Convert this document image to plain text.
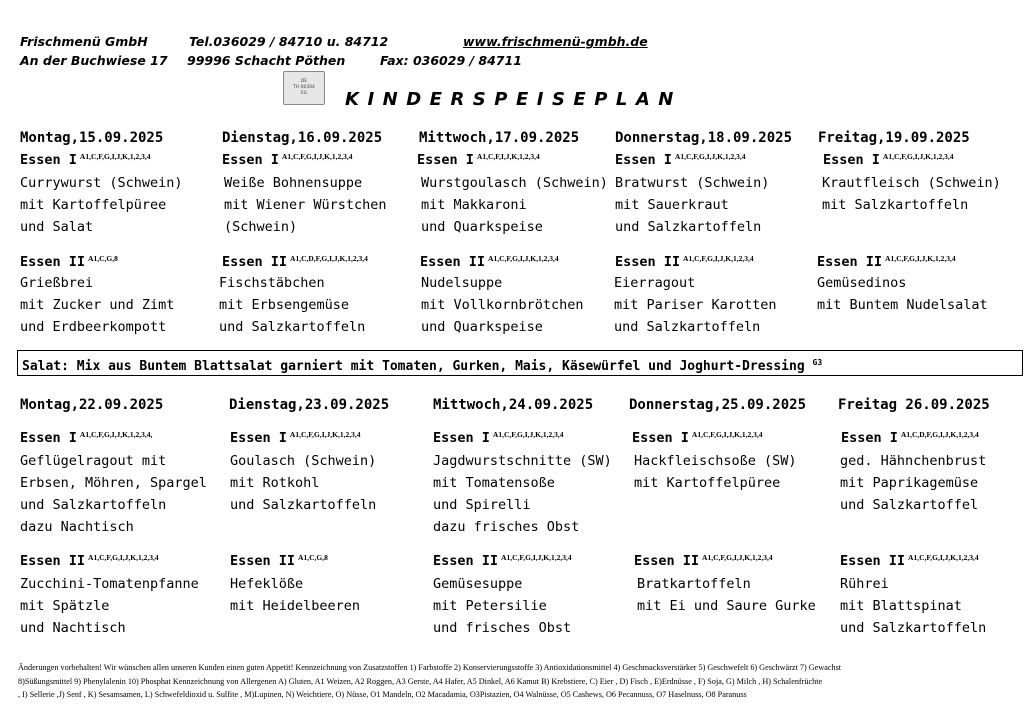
Frischmenü GmbH	Tel.036029 / 84710 u. 84712	www.frischmenü-gmbh.de
An der Buchwiese 17 99996 Schacht Pöthen	Fax: 036029 / 84711
DE
TH 00304
EG KINDERSPEISEPLAN
Salat: Mix aus Buntem Blattsalat garniert mit Tomaten, Gurken, Mais, Käsewürfel und Joghurt-Dressing $^{G3}$
Änderungen vorbehalten! Wir wünschen allen unseren Kunden einen guten Appetit! Kennzeichnung von Zusatzstoffen 1) Farbstoffe 2) Konservierungsstoffe 3) Antioxidationsmittel 4) Geschmacksverstärker 5) Geschwefelt 6) Geschwärzt 7) Gewachst
8)Süßungsmittel 9) Phenylalenin 10) Phosphat Kennzeichnung von Allergenen A) Gluten, A1 Weizen, A2 Roggen, A3 Gerste, A4 Hafer, A5 Dinkel, A6 Kamut B) Krebstiere, C) Eier , D) Fisch , E)Erdnüsse , F) Soja, G) Milch , H) Schalenfrüchte
, I) Sellerie ,J) Senf , K) Sesamsamen, L) Schwefeldioxid u. Sulfite , M)Lupinen, N) Weichtiere, O) Nüsse, O1 Mandeln, O2 Macadamia, O3Pistazien, O4 Walnüsse, O5 Cashews, O6 Pecannuss, O7 Haselnuss, O8 Paranuss
Montag,15.09.2025
Essen I $^{A1,C,F,G,I,J,K,1,2,3,4}$
Currywurst (Schwein)
mit Kartoffelpüree
und Salat
Essen II $^{A1,C,G,8}$
Grießbrei
mit Zucker und Zimt
und Erdbeerkompott
Dienstag,16.09.2025
Essen I $^{A1,C,F,G,I,J,K,1,2,3,4}$
Weiße Bohnensuppe
mit Wiener Würstchen
(Schwein)
Essen II $^{A1,C,D,F,G,I,J,K,1,2,3,4}$
Fischstäbchen
mit Erbsengemüse
und Salzkartoffeln
Mittwoch,17.09.2025
Essen I $^{A1,C,F,I,J,K,1,2,3,4}$
Wurstgoulasch (Schwein)
mit Makkaroni
und Quarkspeise
Essen II $^{A1,C,F,G,I,J,K,1,2,3,4}$
Nudelsuppe
mit Vollkornbrötchen
und Quarkspeise
Donnerstag,18.09.2025
Essen I $^{A1,C,F,G,I,J,K,1,2,3,4}$
Bratwurst (Schwein)
mit Sauerkraut
und Salzkartoffeln
Essen II $^{A1,C,F,G,I,J,K,1,2,3,4}$
Eierragout
mit Pariser Karotten
und Salzkartoffeln
Freitag,19.09.2025
Essen I $^{A1,C,F,G,I,J,K,1,2,3,4}$
Krautfleisch (Schwein)
mit Salzkartoffeln
Essen II $^{A1,C,F,G,I,J,K,1,2,3,4}$
Gemüsedinos
mit Buntem Nudelsalat
Montag,22.09.2025
Essen I $^{A1,C,F,G,I,J,K,1,2,3,4,}$
Geflügelragout mit
Erbsen, Möhren, Spargel
und Salzkartoffeln
dazu Nachtisch
Essen II $^{A1,C,F,G,I,J,K,1,2,3,4}$
Zucchini-Tomatenpfanne
mit Spätzle
und Nachtisch
Dienstag,23.09.2025
Essen I $^{A1,C,F,G,I,J,K,1,2,3,4}$
Goulasch (Schwein)
mit Rotkohl
und Salzkartoffeln
Essen II $^{A1,C,G,8}$
Hefeklöße
mit Heidelbeeren
Mittwoch,24.09.2025
Essen I $^{A1,C,F,G,I,J,K,1,2,3,4}$
Jagdwurstschnitte (SW)
mit Tomatensoße
und Spirelli
dazu frisches Obst
Essen II $^{A1,C,F,G,I,J,K,1,2,3,4}$
Gemüsesuppe
mit Petersilie
und frisches Obst
Donnerstag,25.09.2025
Essen I $^{A1,C,F,G,I,J,K,1,2,3,4}$
Hackfleischsoße (SW)
mit Kartoffelpüree
Essen II $^{A1,C,F,G,I,J,K,1,2,3,4}$
Bratkartoffeln
mit Ei und Saure Gurke
Freitag 26.09.2025
Essen I $^{A1,C,D,F,G,I,J,K,1,2,3,4}$
ged. Hähnchenbrust
mit Paprikagemüse
und Salzkartoffel
Essen II $^{A1,C,F,G,I,J,K,1,2,3,4}$
Rührei
mit Blattspinat
und Salzkartoffeln
